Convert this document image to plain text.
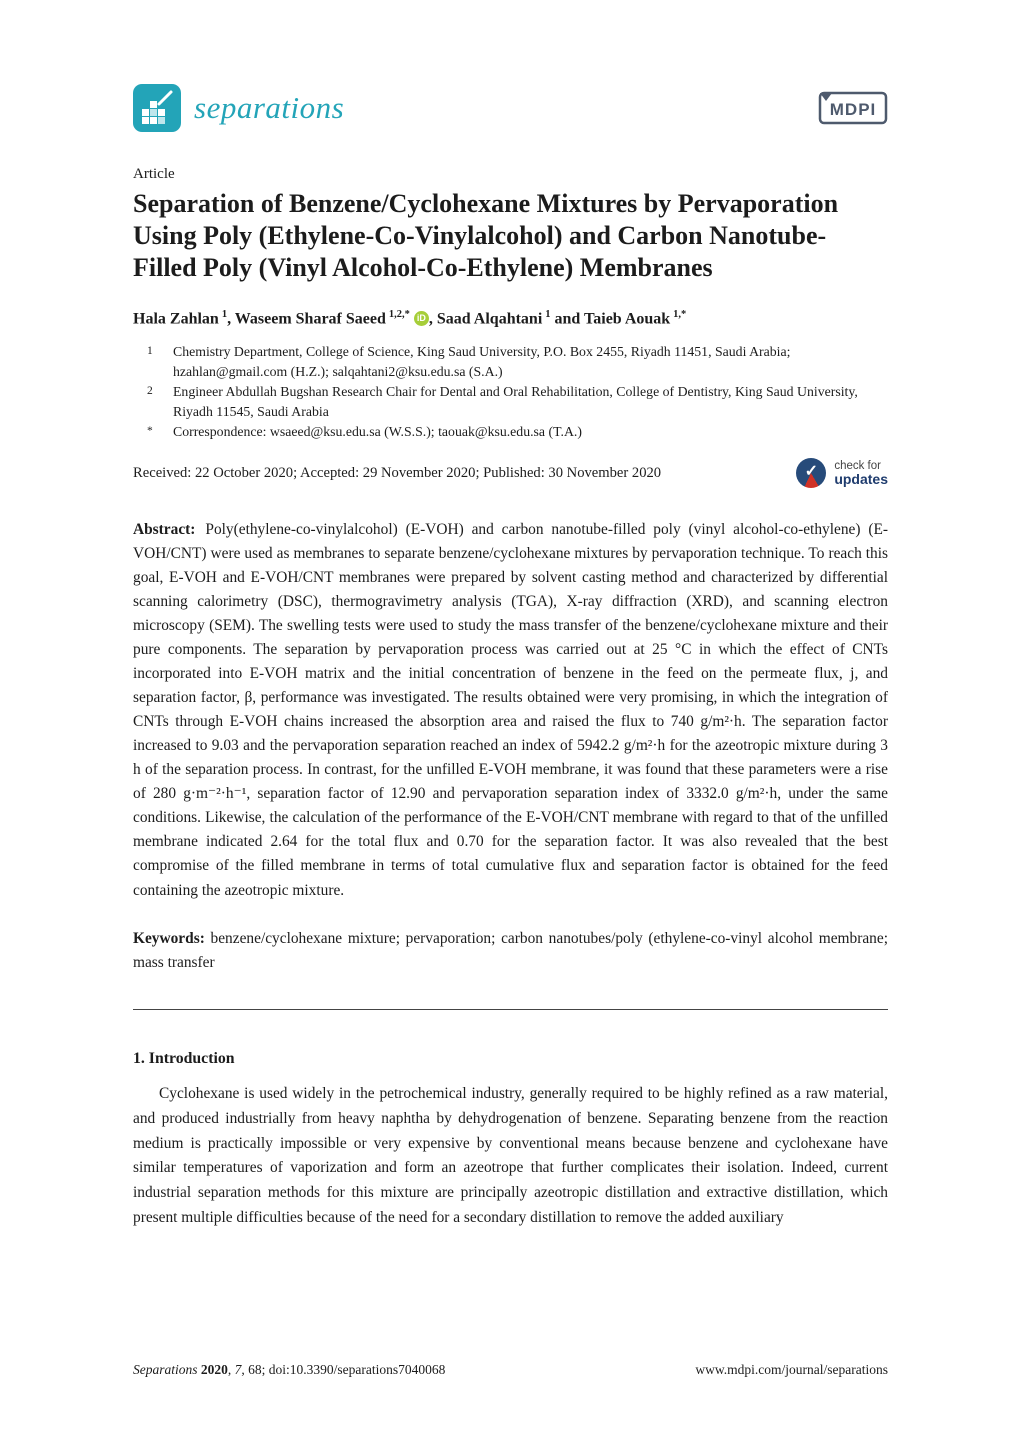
separations	MDPI
Article
Separation of Benzene/Cyclohexane Mixtures by Pervaporation Using Poly (Ethylene-Co-Vinylalcohol) and Carbon Nanotube-Filled Poly (Vinyl Alcohol-Co-Ethylene) Membranes
Hala Zahlan $^1$, Waseem Sharaf Saeed $^{1,2,*}$ iD , Saad Alqahtani $^1$ and Taieb Aouak $^{1,*}$
1	Chemistry Department, College of Science, King Saud University, P.O. Box 2455, Riyadh 11451, Saudi Arabia; hzahlan@gmail.com (H.Z.); salqahtani2@ksu.edu.sa (S.A.)
2	Engineer Abdullah Bugshan Research Chair for Dental and Oral Rehabilitation, College of Dentistry, King Saud University, Riyadh 11545, Saudi Arabia
*	Correspondence: wsaeed@ksu.edu.sa (W.S.S.); taouak@ksu.edu.sa (T.A.)
Received: 22 October 2020; Accepted: 29 November 2020; Published: 30 November 2020	✓	check for
updates

Abstract: Poly(ethylene-co-vinylalcohol) (E-VOH) and carbon nanotube-filled poly (vinyl alcohol-co-ethylene) (E-VOH/CNT) were used as membranes to separate benzene/cyclohexane mixtures by pervaporation technique. To reach this goal, E-VOH and E-VOH/CNT membranes were prepared by solvent casting method and characterized by differential scanning calorimetry (DSC), thermogravimetry analysis (TGA), X-ray diffraction (XRD), and scanning electron microscopy (SEM). The swelling tests were used to study the mass transfer of the benzene/cyclohexane mixture and their pure components. The separation by pervaporation process was carried out at 25 °C in which the effect of CNTs incorporated into E-VOH matrix and the initial concentration of benzene in the feed on the permeate flux, j, and separation factor, β, performance was investigated. The results obtained were very promising, in which the integration of CNTs through E-VOH chains increased the absorption area and raised the flux to 740 g/m²·h. The separation factor increased to 9.03 and the pervaporation separation reached an index of 5942.2 g/m²·h for the azeotropic mixture during 3 h of the separation process. In contrast, for the unfilled E-VOH membrane, it was found that these parameters were a rise of 280 g·m⁻²·h⁻¹, separation factor of 12.90 and pervaporation separation index of 3332.0 g/m²·h, under the same conditions. Likewise, the calculation of the performance of the E-VOH/CNT membrane with regard to that of the unfilled membrane indicated 2.64 for the total flux and 0.70 for the separation factor. It was also revealed that the best compromise of the filled membrane in terms of total cumulative flux and separation factor is obtained for the feed containing the azeotropic mixture.

Keywords: benzene/cyclohexane mixture; pervaporation; carbon nanotubes/poly (ethylene-co-vinyl alcohol membrane; mass transfer

1. Introduction

Cyclohexane is used widely in the petrochemical industry, generally required to be highly refined as a raw material, and produced industrially from heavy naphtha by dehydrogenation of benzene. Separating benzene from the reaction medium is practically impossible or very expensive by conventional means because benzene and cyclohexane have similar temperatures of vaporization and form an azeotrope that further complicates their isolation. Indeed, current industrial separation methods for this mixture are principally azeotropic distillation and extractive distillation, which present multiple difficulties because of the need for a secondary distillation to remove the added auxiliary

Separations 2020, 7, 68; doi:10.3390/separations7040068	www.mdpi.com/journal/separations
